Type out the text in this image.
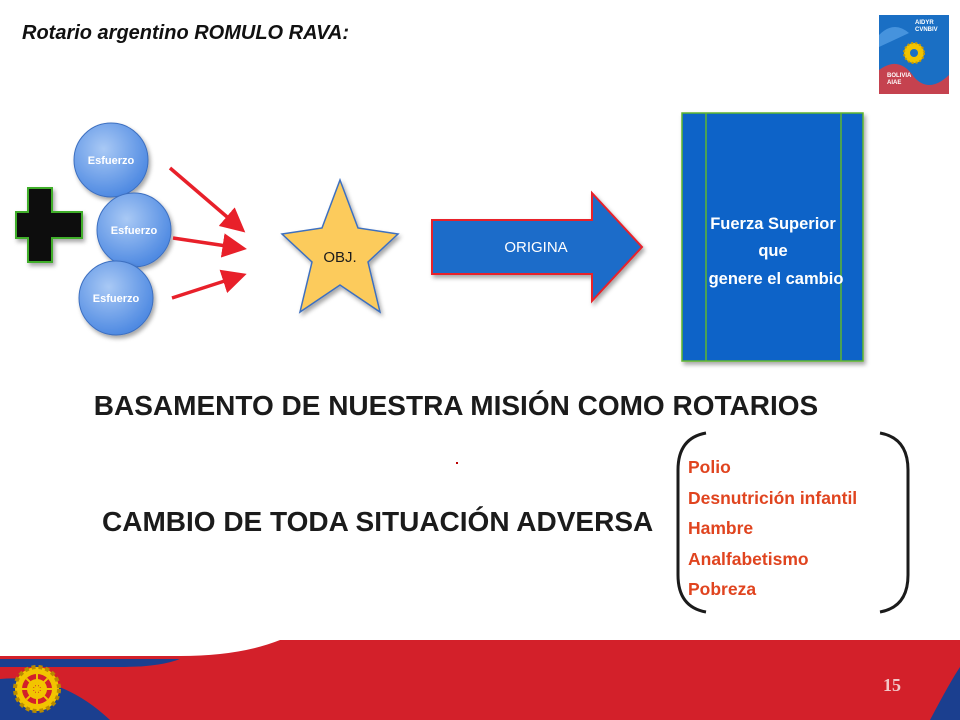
Rotario argentino ROMULO RAVA:	AIDYR
CVNBIV
BOLIVIA
AIAE
Esfuerzo
Esfuerzo
Esfuerzo
OBJ.
ORIGINA
Fuerza Superior
que
genere el cambio
BASAMENTO DE NUESTRA MISIÓN COMO ROTARIOS
CAMBIO DE TODA SITUACIÓN ADVERSA
Polio
Desnutrición infantil
Hambre
Analfabetismo
Pobreza
15
